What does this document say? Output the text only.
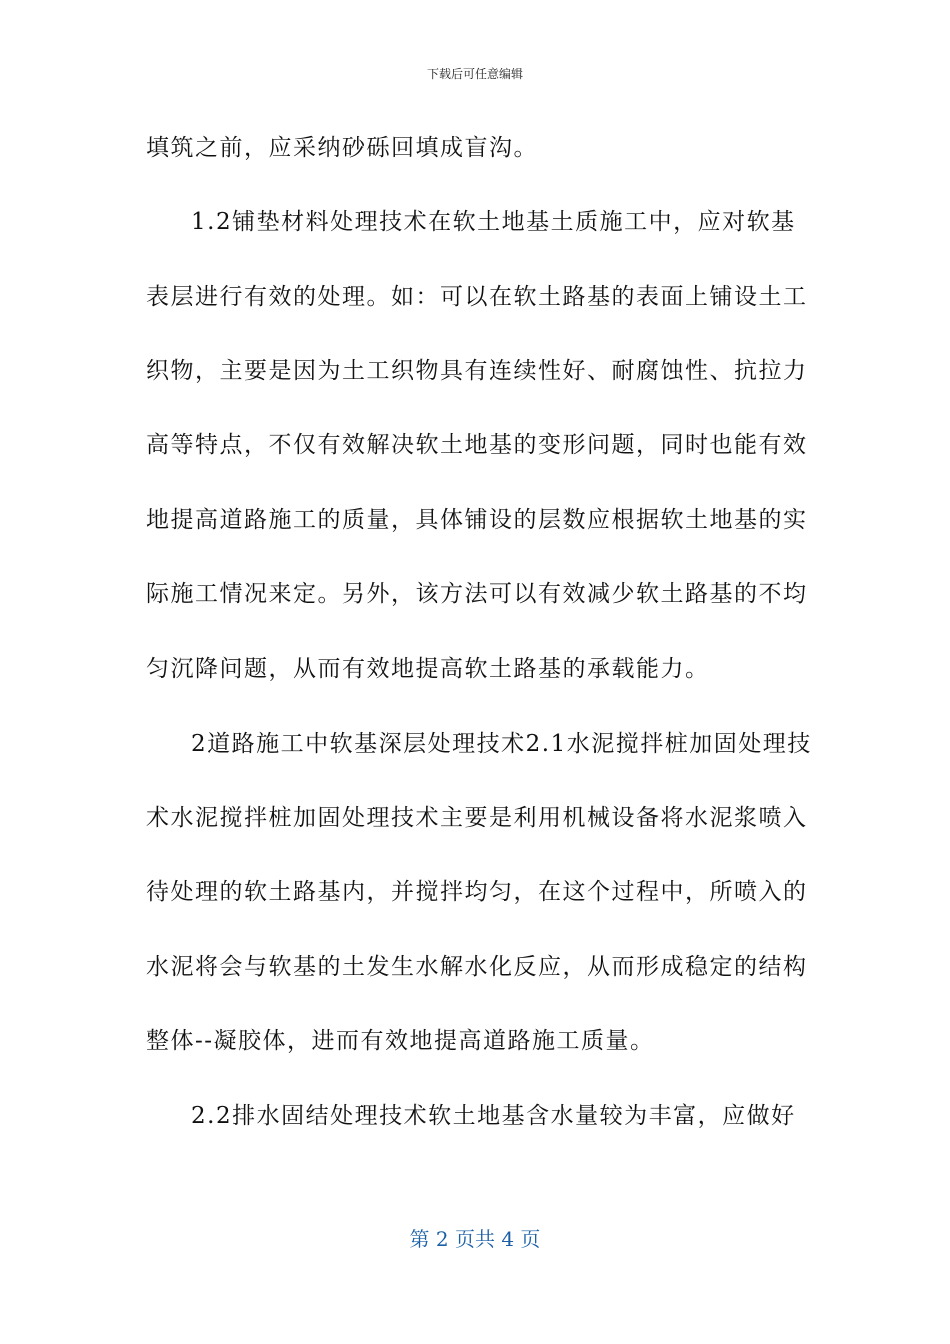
下载后可任意编辑
填筑之前，应采纳砂砾回填成盲沟。
1.2铺垫材料处理技术在软土地基土质施工中，应对软基
表层进行有效的处理。如：可以在软土路基的表面上铺设土工
织物，主要是因为土工织物具有连续性好、耐腐蚀性、抗拉力
高等特点，不仅有效解决软土地基的变形问题，同时也能有效
地提高道路施工的质量，具体铺设的层数应根据软土地基的实
际施工情况来定。另外，该方法可以有效减少软土路基的不均
匀沉降问题，从而有效地提高软土路基的承载能力。
2道路施工中软基深层处理技术2.1水泥搅拌桩加固处理技
术水泥搅拌桩加固处理技术主要是利用机械设备将水泥浆喷入
待处理的软土路基内，并搅拌均匀，在这个过程中，所喷入的
水泥将会与软基的土发生水解水化反应，从而形成稳定的结构
整体--凝胶体，进而有效地提高道路施工质量。
2.2排水固结处理技术软土地基含水量较为丰富，应做好
第 2 页共 4 页
